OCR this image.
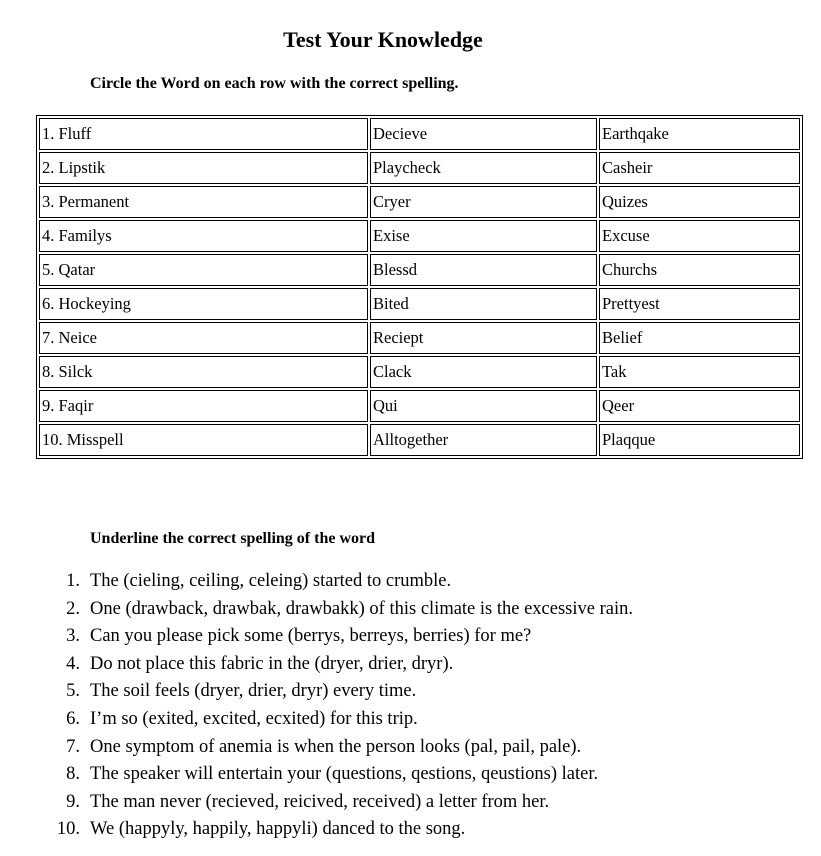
Test Your Knowledge
Circle the Word on each row with the correct spelling.
1. Fluff	Decieve	Earthqake
2. Lipstik	Playcheck	Casheir
3. Permanent	Cryer	Quizes
4. Familys	Exise	Excuse
5. Qatar	Blessd	Churchs
6. Hockeying	Bited	Prettyest
7. Neice	Reciept	Belief
8. Silck	Clack	Tak
9. Faqir	Qui	Qeer
10. Misspell	Alltogether	Plaqque
Underline the correct spelling of the word
1. The (cieling, ceiling, celeing) started to crumble.
2. One (drawback, drawbak, drawbakk) of this climate is the excessive rain.
3. Can you please pick some (berrys, berreys, berries) for me?
4. Do not place this fabric in the (dryer, drier, dryr).
5. The soil feels (dryer, drier, dryr) every time.
6. I’m so (exited, excited, ecxited) for this trip.
7. One symptom of anemia is when the person looks (pal, pail, pale).
8. The speaker will entertain your (questions, qestions, qeustions) later.
9. The man never (recieved, reicived, received) a letter from her.
10. We (happyly, happily, happyli) danced to the song.
